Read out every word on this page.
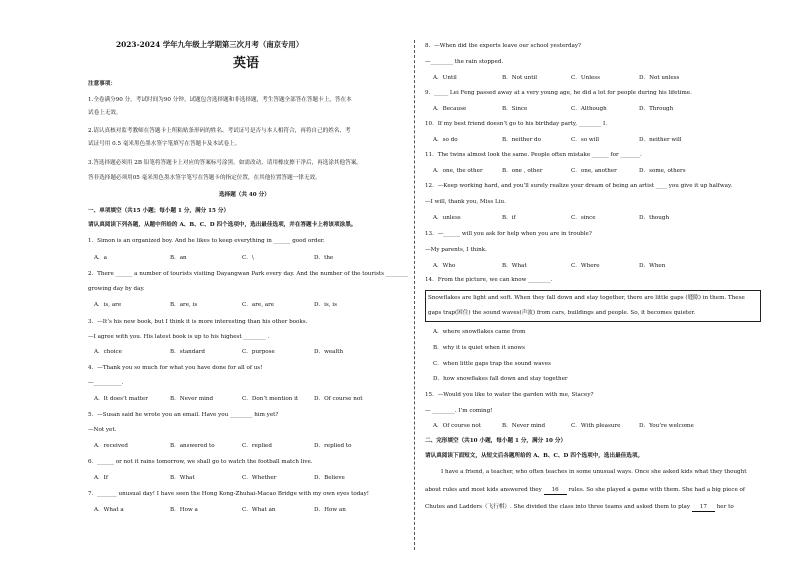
2023-2024 学年九年级上学期第三次月考（南京专用）
英语
注意事项：
1.全卷满分90 分。考试时间为90 分钟。试题包含选择题和非选择题，考生答题全部答在答题卡上，答在本
试卷上无效。
2.请认真核对监考教师在答题卡上所粘贴条形码的姓名、考试证号是否与本人相符合，再将自己的姓名、考
试证号用 0.5 毫米黑色墨水签字笔填写在答题卡及本试卷上。
3.答选择题必须用 2B 铅笔将答题卡上对应的答案标号涂黑。如需改动，请用橡皮擦干净后，再选涂其他答案。
答非选择题必须用05 毫米黑色墨水签字笔写在答题卡的指定位置，在其他位置答题一律无效。
选择题（共 40 分）
一、单项填空（共15 小题；每小题 1 分，满分 15 分）
请认真阅读下列各题，从题中所给的 A、B、C、D 四个选项中，选出最佳选项，并在答题卡上将该项涂黑。
1．Simon is an organized boy. And he likes to keep everything in ______ good order.
A．a	B．an	C．\	D．the
2．There ______ a number of tourists visiting Dayangwan Park every day. And the number of the tourists ________
growing day by day.
A．is, are	B．are, is	C．are, are	D．is, is
3．—It’s his new book, but I think it is more interesting than his other books.
—I agree with you. His latest book is up to his highest ________ .
A．choice	B．standard	C．purpose	D．wealth
4．—Thank you so much for what you have done for all of us!
—__________.
A．It does’t matter	B．Never mind	C．Don’t mention it	D．Of course not
5．—Susan said he wrote you an email. Have you ________ him yet?
—Not yet.
A．received	B．answered to	C．replied	D．replied to
6．______ or not it rains tomorrow, we shall go to watch the football match live.
A．If	B．What	C．Whether	D．Believe
7．_______ unusual day! I have seen the Hong Kong-Zhuhai-Macao Bridge with my own eyes today!
A．What a	B．How a	C．What an	D．How an
8．—When did the experts leave our school yesterday?
—________ the rain stopped.
A．Until	B．Not until	C．Unless	D．Not unless
9．_____ Lei Feng passed away at a very young age, he did a lot for people during his lifetime.
A．Because	B．Since	C．Although	D．Through
10．If my best friend doesn’t go to his birthday party, ________ I.
A．so do	B．neither do	C．so will	D．neither will
11．The twins almost look the same. People often mistake ______ for _______.
A．one, the other	B．one , other	C．one, another	D．some, others
12．—Keep working hard, and you’ll surely realize your dream of being an artist ____ you give it up halfway.
—I will, thank you, Miss Liu.
A．unless	B．if	C．since	D．though
13．—______ will you ask for help when you are in trouble?
—My parents, I think.
A．Who	B．What	C．Where	D．When
14．From the picture, we can know ________.
Snowflakes are light and soft. When they fall down and stay together, there are little gaps (缝隙) in them. These
gaps trap(困住) the sound waves(声波) from cars, buildings and people. So, it becomes quieter.
A．where snowflakes came from
B．why it is quiet when it snows
C．when little gaps trap the sound waves
D．how snowflakes fall down and stay together
15．—Would you like to water the garden with me, Stacey?
— ________. I’m coming!
A．Of course not	B．Never mind	C．With pleasure	D．You’re welcome
二、完形填空（共10 小题，每小题 1 分，满分 10 分）
请认真阅读下面短文，从短文后各题所给的 A、B、C、D 四个选项中，选出最佳选项。
I have a friend, a teacher, who often teaches in some unusual ways. Once she asked kids what they thought
about rules and most kids answered they 16 rules. So she played a game with them. She had a big piece of
Chutes and Ladders（飞行棋）. She divided the class into three teams and asked them to play 17 her to
